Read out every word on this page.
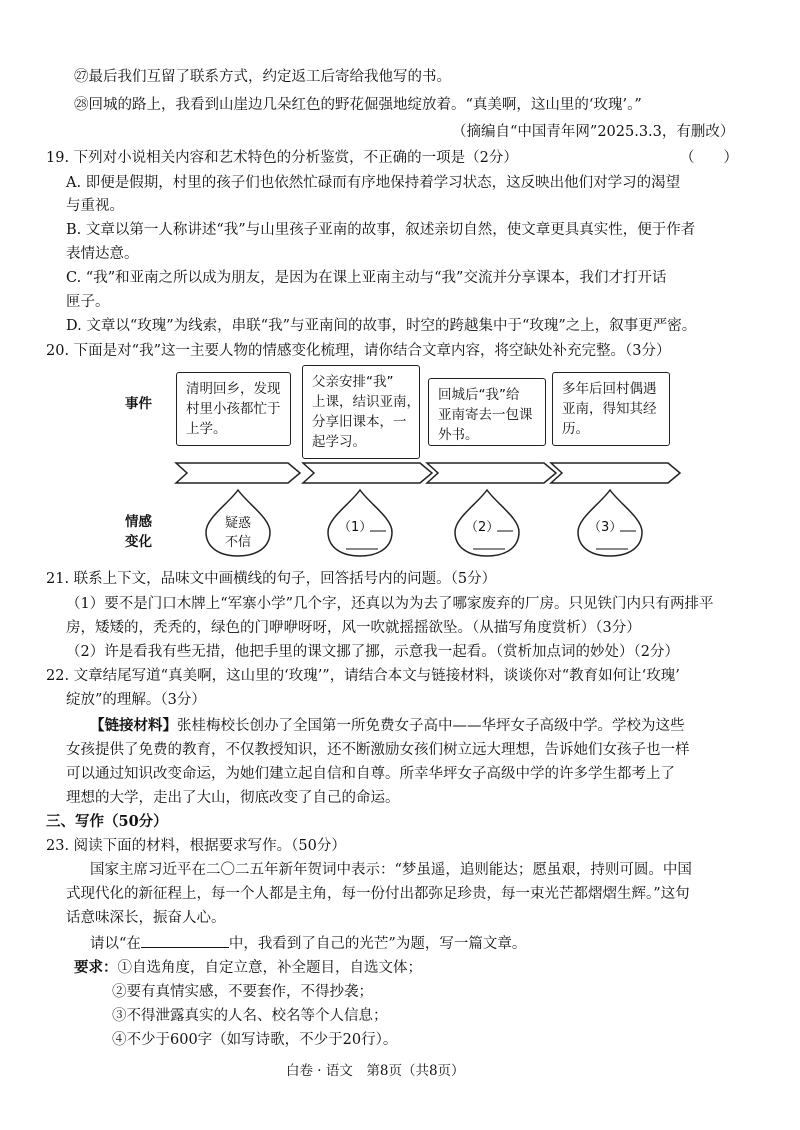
㉗最后我们互留了联系方式，约定返工后寄给我他写的书。
㉘回城的路上，我看到山崖边几朵红色的野花倔强地绽放着。“真美啊，这山里的‘玫瑰’。”
（摘编自“中国青年网”2025.3.3，有删改）
19. 下列对小说相关内容和艺术特色的分析鉴赏，不正确的一项是（2分）	（　　）
A. 即便是假期，村里的孩子们也依然忙碌而有序地保持着学习状态，这反映出他们对学习的渴望
与重视。
B. 文章以第一人称讲述“我”与山里孩子亚南的故事，叙述亲切自然，使文章更具真实性，便于作者
表情达意。
C. “我”和亚南之所以成为朋友，是因为在课上亚南主动与“我”交流并分享课本，我们才打开话
匣子。
D. 文章以“玫瑰”为线索，串联“我”与亚南间的故事，时空的跨越集中于“玫瑰”之上，叙事更严密。
20. 下面是对“我”这一主要人物的情感变化梳理，请你结合文章内容，将空缺处补充完整。（3分）
事件
清明回乡，发现
村里小孩都忙于
上学。
父亲安排“我”
上课，结识亚南，
分享旧课本，一
起学习。
回城后“我”给
亚南寄去一包课
外书。
多年后回村偶遇
亚南，得知其经
历。
情感
变化
疑惑
不信
（1）	（2）	（3）
21. 联系上下文，品味文中画横线的句子，回答括号内的问题。（5分）
（1）要不是门口木牌上“军寨小学”几个字，还真以为为去了哪家废弃的厂房。只见铁门内只有两排平
房，矮矮的，秃秃的，绿色的门咿咿呀呀，风一吹就摇摇欲坠。（从描写角度赏析）（3分）
（2）许是看我有些无措，他把手里的课文挪了挪，示意我一起看。（赏析加点词的妙处）（2分）
22. 文章结尾写道“真美啊，这山里的‘玫瑰’”，请结合本文与链接材料，谈谈你对“教育如何让‘玫瑰’
绽放”的理解。（3分）
【链接材料】张桂梅校长创办了全国第一所免费女子高中——华坪女子高级中学。学校为这些
女孩提供了免费的教育，不仅教授知识，还不断激励女孩们树立远大理想，告诉她们女孩子也一样
可以通过知识改变命运，为她们建立起自信和自尊。所幸华坪女子高级中学的许多学生都考上了
理想的大学，走出了大山，彻底改变了自己的命运。
三、写作（50分）
23. 阅读下面的材料，根据要求写作。（50分）
国家主席习近平在二〇二五年新年贺词中表示：“梦虽遥，追则能达；愿虽艰，持则可圆。中国
式现代化的新征程上，每一个人都是主角，每一份付出都弥足珍贵，每一束光芒都熠熠生辉。”这句
话意味深长，振奋人心。
请以“在	中，我看到了自己的光芒”为题，写一篇文章。
要求：①自选角度，自定立意，补全题目，自选文体；
②要有真情实感，不要套作，不得抄袭；
③不得泄露真实的人名、校名等个人信息；
④不少于600字（如写诗歌，不少于20行）。
白卷 · 语文　第8页（共8页）
